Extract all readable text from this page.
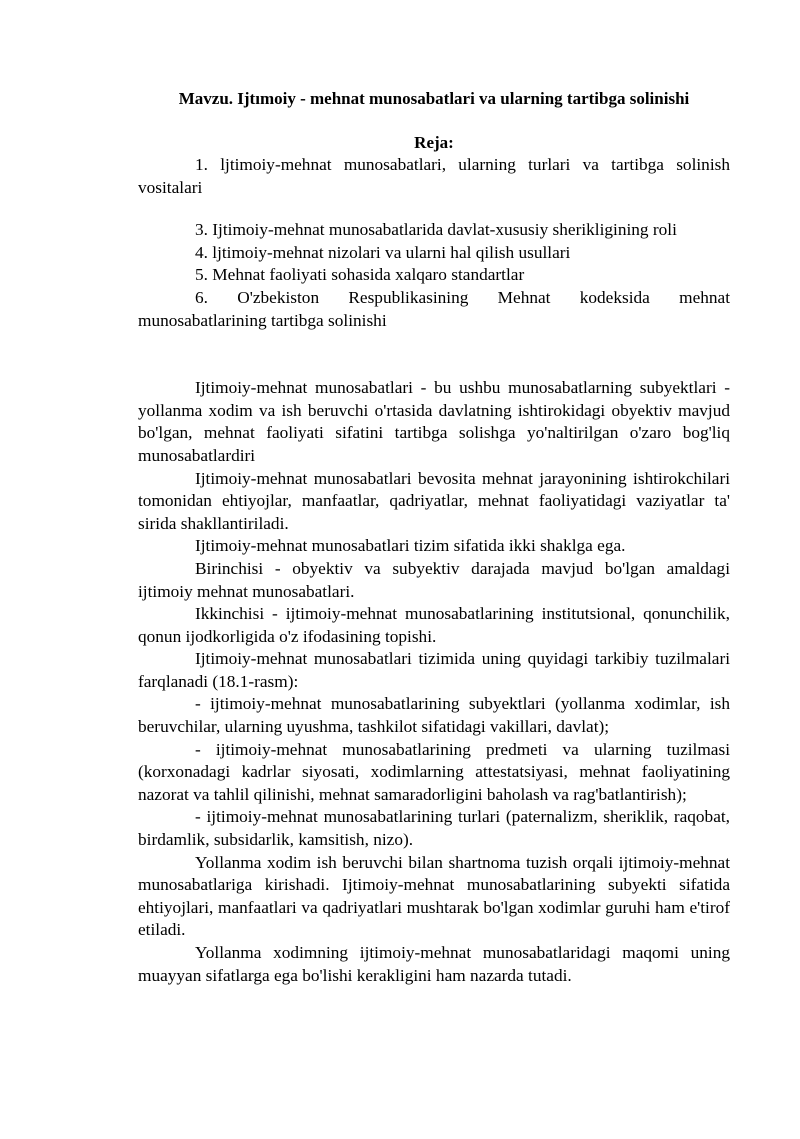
Mavzu. Ijtımoiy - mehnat munosabatlari va ularning tartibga solinishi
Reja:

1. ljtimoiy-mehnat munosabatlari, ularning turlari va tartibga solinish vositalari

3. Ijtimoiy-mehnat munosabatlarida davlat-xususiy sherikligining roli

4. ljtimoiy-mehnat nizolari va ularni hal qilish usullari

5. Mehnat faoliyati sohasida xalqaro standartlar

6. O'zbekiston Respublikasining Mehnat kodeksida mehnat munosabatlarining tartibga solinishi

Ijtimoiy-mehnat munosabatlari - bu ushbu munosabatlarning subyektlari - yollanma xodim va ish beruvchi o'rtasida davlatning ishtirokidagi obyektiv mavjud bo'lgan, mehnat faoliyati sifatini tartibga solishga yo'naltirilgan o'zaro bog'liq munosabatlardiri

Ijtimoiy-mehnat munosabatlari bevosita mehnat jarayonining ishtirokchilari tomonidan ehtiyojlar, manfaatlar, qadriyatlar, mehnat faoliyatidagi vaziyatlar ta' sirida shakllantiriladi.

Ijtimoiy-mehnat munosabatlari tizim sifatida ikki shaklga ega.

Birinchisi - obyektiv va subyektiv darajada mavjud bo'lgan amaldagi ijtimoiy mehnat munosabatlari.

Ikkinchisi - ijtimoiy-mehnat munosabatlarining institutsional, qonunchilik, qonun ijodkorligida o'z ifodasining topishi.

Ijtimoiy-mehnat munosabatlari tizimida uning quyidagi tarkibiy tuzilmalari farqlanadi (18.1-rasm):

- ijtimoiy-mehnat munosabatlarining subyektlari (yollanma xodimlar, ish beruvchilar, ularning uyushma, tashkilot sifatidagi vakillari, davlat);

- ijtimoiy-mehnat munosabatlarining predmeti va ularning tuzilmasi (korxonadagi kadrlar siyosati, xodimlarning attestatsiyasi, mehnat faoliyatining nazorat va tahlil qilinishi, mehnat samaradorligini baholash va rag'batlantirish);

- ijtimoiy-mehnat munosabatlarining turlari (paternalizm, sheriklik, raqobat, birdamlik, subsidarlik, kamsitish, nizo).

Yollanma xodim ish beruvchi bilan shartnoma tuzish orqali ijtimoiy-mehnat munosabatlariga kirishadi. Ijtimoiy-mehnat munosabatlarining subyekti sifatida ehtiyojlari, manfaatlari va qadriyatlari mushtarak bo'lgan xodimlar guruhi ham e'tirof etiladi.

Yollanma xodimning ijtimoiy-mehnat munosabatlaridagi maqomi uning muayyan sifatlarga ega bo'lishi kerakligini ham nazarda tutadi.
